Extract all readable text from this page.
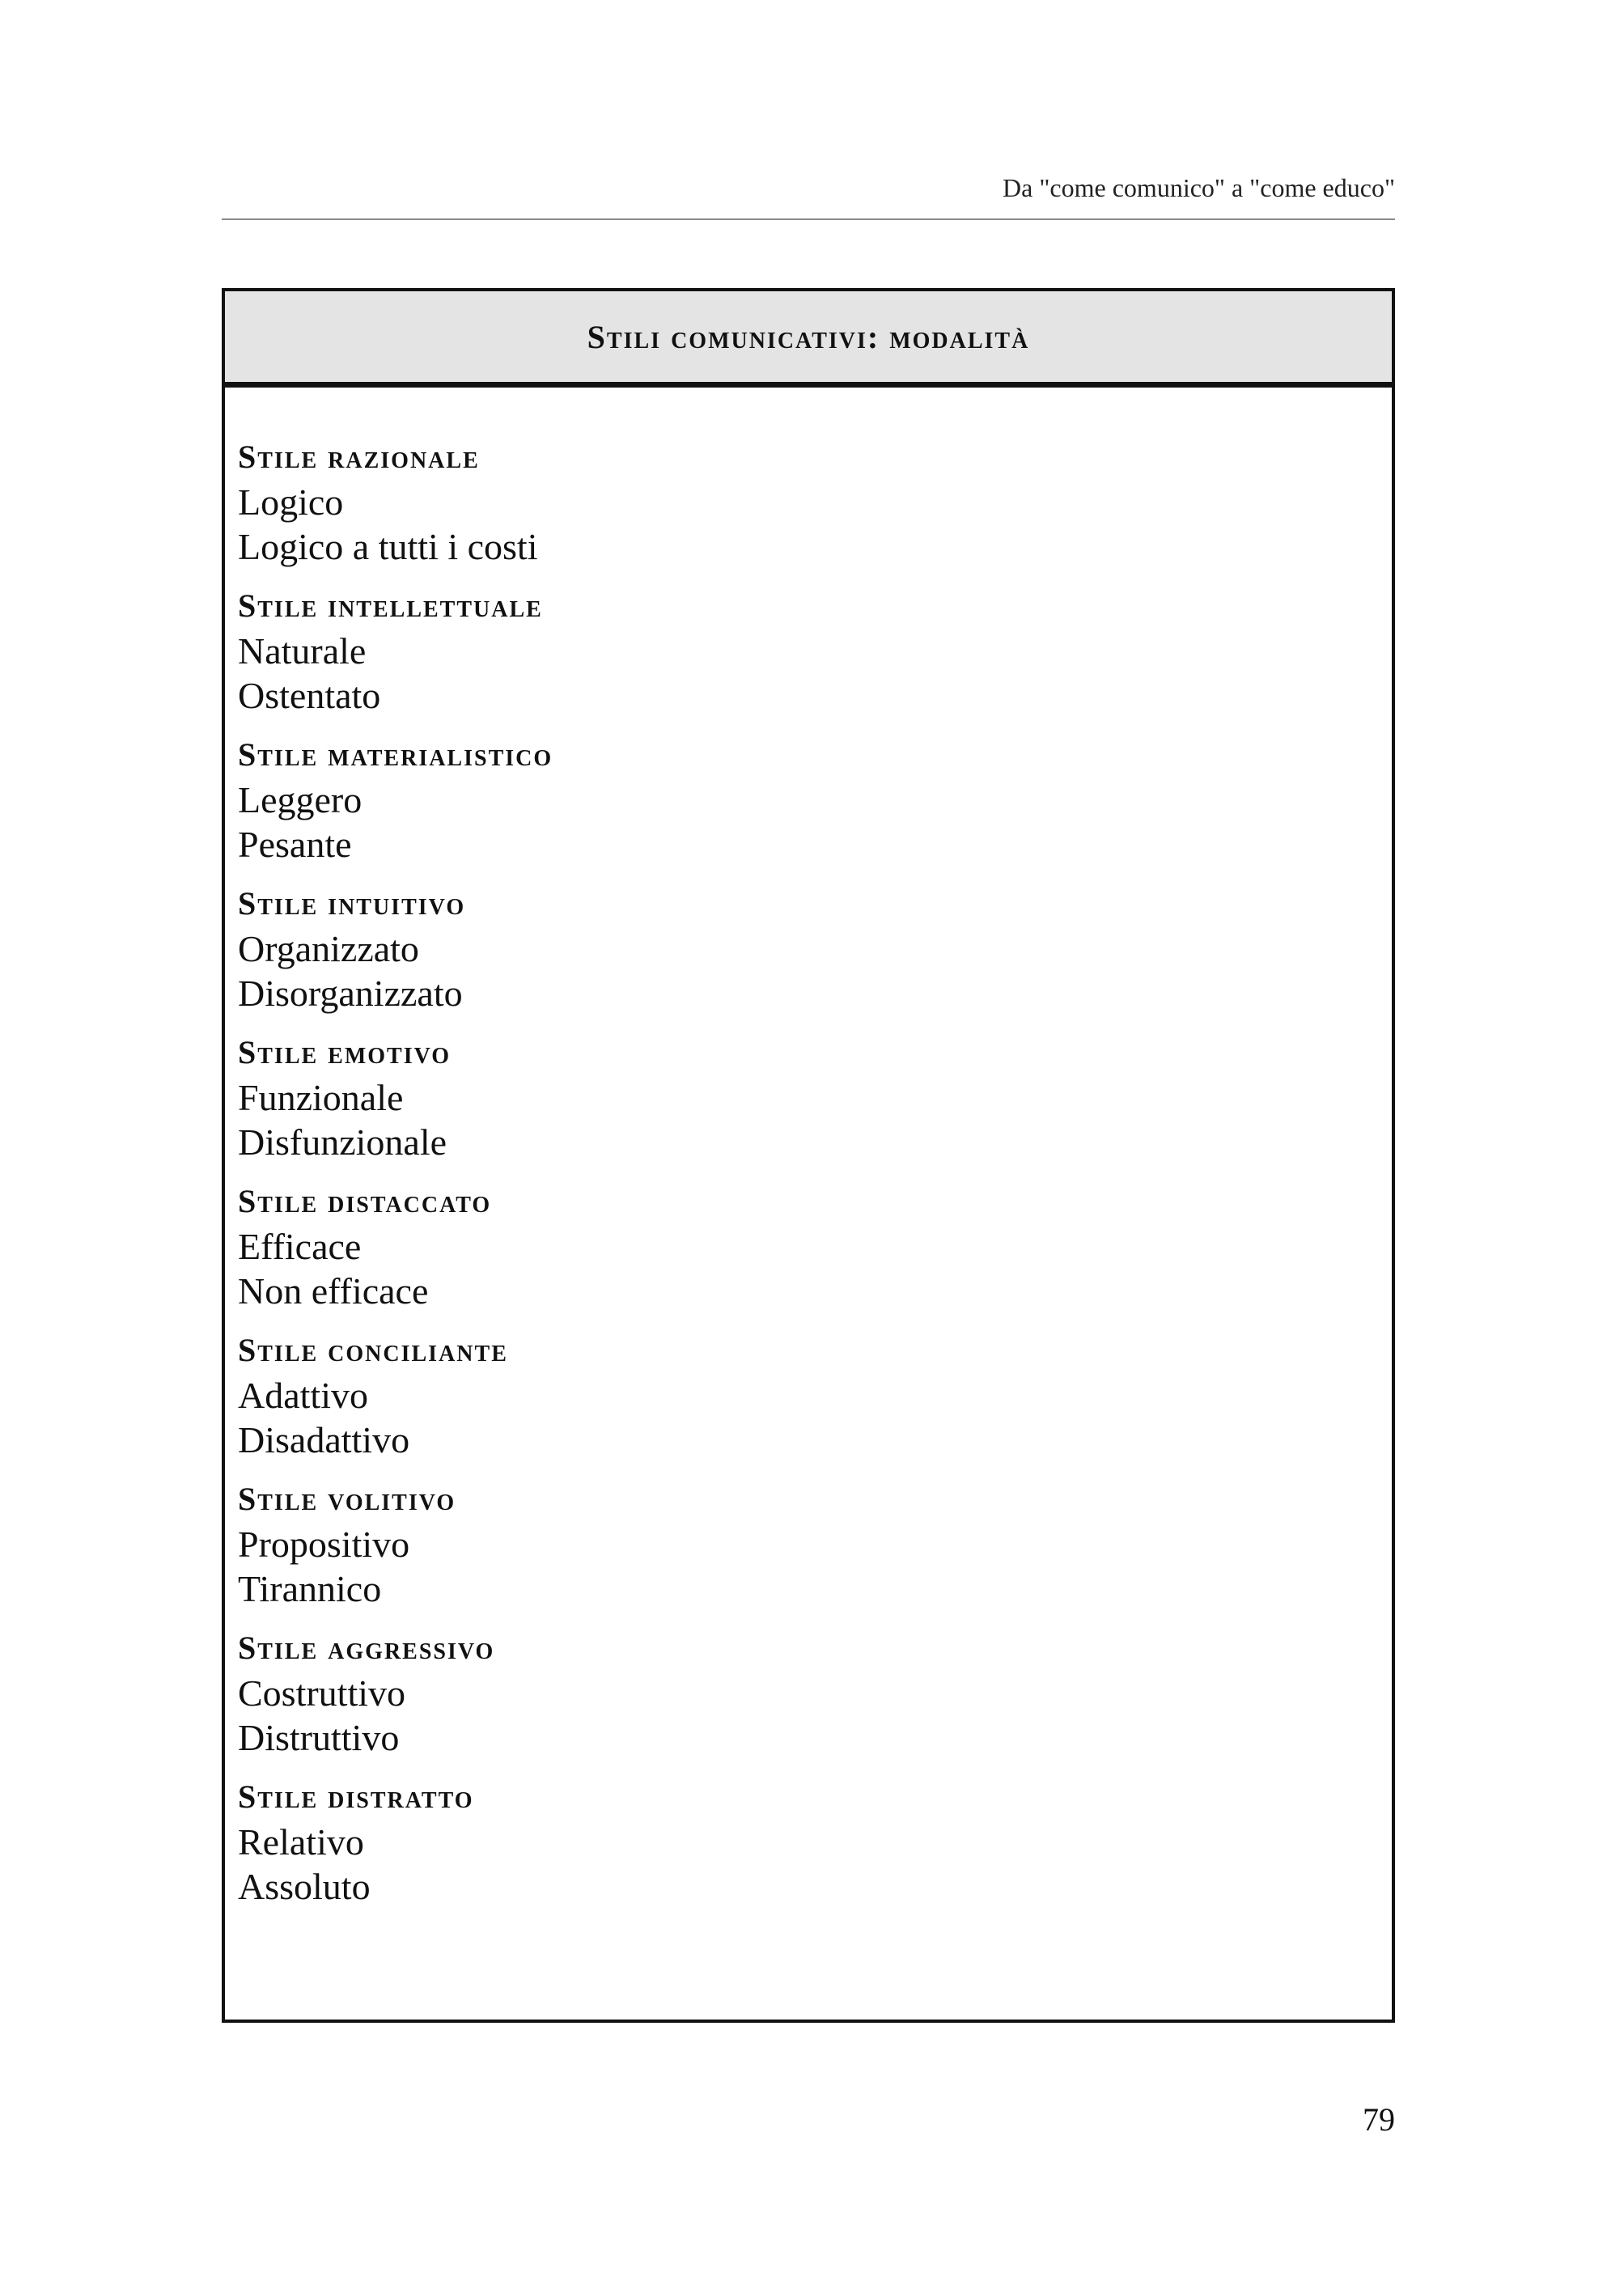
Da "come comunico" a "come educo"
Stili comunicativi: modalità
Stile razionale
Logico
Logico a tutti i costi
Stile intellettuale
Naturale
Ostentato
Stile materialistico
Leggero
Pesante
Stile intuitivo
Organizzato
Disorganizzato
Stile emotivo
Funzionale
Disfunzionale
Stile distaccato
Efficace
Non efficace
Stile conciliante
Adattivo
Disadattivo
Stile volitivo
Propositivo
Tirannico
Stile aggressivo
Costruttivo
Distruttivo
Stile distratto
Relativo
Assoluto
79
